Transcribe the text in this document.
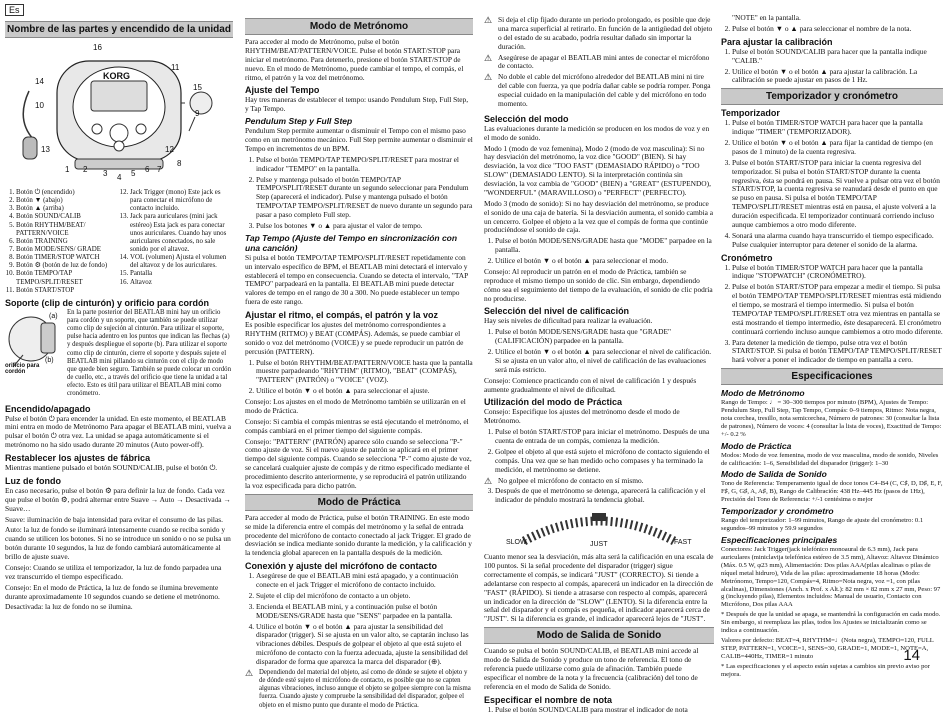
14
Es
Nombre de las partes y encendido de la unidad
KORG
16
11
14
15
10
9
13	12
1 2 3 4 5 6 7
8
1. Botón ⏻ (encendido)
2. Botón ▼ (abajo)
3. Botón ▲ (arriba)
4. Botón SOUND/CALIB
5. Botón RHYTHM/BEAT/ PATTERN/VOICE
6. Botón TRAINING
7. Botón MODE/SENS/ GRADE
8. Botón TIMER/STOP WATCH
9. Botón ⚙ (botón de luz de fondo)
10. Botón TEMPO/TAP TEMPO/SPLIT/RESET
11. Botón START/STOP
12. Jack Trigger (mono) Este jack es para conectar el micrófono de contacto incluido.
13. Jack para auriculares (mini jack estéreo) Esta jack es para conectar unos auriculares. Cuando hay unos auriculares conectados, no sale sonido por el altavoz.
14. VOL (volumen) Ajusta el volumen del altavoz y de los auriculares.
15. Pantalla
16. Altavoz
Soporte (clip de cinturón) y orificio para cordón
(a)
(b)
orificio para cordón

En la parte posterior del BEATLAB mini hay un orificio para cordón y un soporte, que también se puede utilizar como clip de sujeción al cinturón. Para utilizar el soporte, pulse hacia adentro en los puntos que indican las flechas (a) y después despliegue el soporte (b). Para utilizar el soporte como clip de cinturón, cierre el soporte y después sujete el BEATLAB mini pillando su cinturón con el clip de modo que quede bien seguro. También se puede colocar un cordón de cuello, etc., a través del orificio que tiene la unidad a tal efecto. Esto es útil para utilizar el BEATLAB mini como cronómetro.

Encendido/apagado

Pulse el botón ⏻ para encender la unidad. En este momento, el BEATLAB mini entra en modo de Metrónomo Para apagar el BEATLAB mini, vuelva a pulsar el botón ⏻ otra vez. La unidad se apaga automáticamente si el metrónomo no ha sido usado durante 20 minutos (Auto power-off).

Restablecer los ajustes de fábrica

Mientras mantiene pulsado el botón SOUND/CALIB, pulse el botón ⏻.

Luz de fondo

En caso necesario, pulse el botón ⚙ para definir la luz de fondo. Cada vez que pulse el botón ⚙, podrá alternar entre Suave → Auto → Desactivada → Suave…

Suave: iluminación de baja intensidad para evitar el consumo de las pilas.

Auto: la luz de fondo se iluminará intensamente cuando se reciba sonido y cuando se utilicen los botones. Si no se introduce un sonido o no se pulsa un botón durante 10 segundos, la luz de fondo cambiará automáticamente al brillo de ajuste suave.

Consejo: Cuando se utiliza el temporizador, la luz de fondo parpadea una vez transcurrido el tiempo especificado.

Consejo: En el modo de Práctica, la luz de fondo se ilumina brevemente durante aproximadamente 10 segundos cuando se detiene el metrónomo.

Desactivada: la luz de fondo no se ilumina.

Modo de Metrónomo

Para acceder al modo de Metrónomo, pulse el botón RHYTHM/BEAT/PATTERN/VOICE. Pulse el botón START/STOP para iniciar el metrónomo. Para detenerlo, presione el botón START/STOP de nuevo. En el modo de Metrónomo, puede cambiar el tempo, el compás, el ritmo, el patrón y la voz del metrónomo.

Ajuste del Tempo

Hay tres maneras de establecer el tempo: usando Pendulum Step, Full Step, y Tap Tempo.

Pendulum Step y Full Step

Pendulum Step permite aumentar o disminuir el Tempo con el mismo paso como en un metrónomo mecánico. Full Step permite aumentar o disminuir el Tempo en incrementos de un BPM.

1. Pulse el botón TEMPO/TAP TEMPO/SPLIT/RESET para mostrar el indicador "TEMPO" en la pantalla.
2. Pulse y mantenga pulsado el botón TEMPO/TAP TEMPO/SPLIT/RESET durante un segundo seleccionar para Pendulum Step (aparecerá el indicador). Pulse y mantenga pulsado el botón TEMPO/TAP TEMPO/SPLIT/RESET de nuevo durante un segundo para pasar a paso completo Full step.
3. Pulse los botones ▼ o ▲ para ajustar el valor de tempo.
Tap Tempo (Ajuste del Tempo en sincronización con una canción)

Si pulsa el botón TEMPO/TAP TEMPO/SPLIT/RESET repetidamente con un intervalo específico de BPM, el BEATLAB mini detectará el intervalo y establecerá el tempo en consecuencia. Cuando se detecta el intervalo, "TAP TEMPO" parpadeará en la pantalla. El BEATLAB mini puede detectar valores de tempo en el rango de 30 a 300. No puede establecer un tempo fuera de este rango.

Ajustar el ritmo, el compás, el patrón y la voz

Es posible especificar los ajustes del metrónomo correspondientes a RHYTHM (RITMO) y BEAT (COMPÁS). Además, se puede cambiar el sonido o voz del metrónomo (VOICE) y se puede reproducir un patrón de percusión (PATTERN).

1. Pulse el botón RHYTHM/BEAT/PATTERN/VOICE hasta que la pantalla muestre parpadeando "RHYTHM" (RITMO), "BEAT" (COMPÁS), "PATTERN" (PATRÓN) o "VOICE" (VOZ).
2. Utilice el botón ▼ o el botón ▲ para seleccionar el ajuste.

Consejo: Los ajustes en el modo de Metrónomo también se utilizarán en el modo de Práctica.

Consejo: Si cambia el compás mientras se está ejecutando el metrónomo, el compás cambiará en el primer tiempo del siguiente compás.

Consejo: "PATTERN" (PATRÓN) aparece sólo cuando se selecciona "P-" como ajuste de voz. Si el nuevo ajuste de patrón se aplicará en el primer tiempo del siguiente compás. Cuando se selecciona "P-" como ajuste de voz, se cancelará cualquier ajuste de compás y de ritmo especificado mediante el procedimiento descrito anteriormente, y se reproducirá el patrón utilizando la voz especificada para dicho patrón.

Modo de Práctica

Para acceder al modo de Práctica, pulse el botón TRAINING. En este modo se mide la diferencia entre el compás del metrónomo y la señal de entrada procedente del micrófono de contacto conectado al jack Trigger. El grado de desviación se indica mediante sonido durante la medición, y la calificación y la tendencia global aparecen en la pantalla después de la medición.

Conexión y ajuste del micrófono de contacto
1. Asegúrese de que el BEATLAB mini está apagado, y a continuación conecte en el jack Trigger el micrófono de contacto incluido.
2. Sujete el clip del micrófono de contacto a un objeto.
3. Encienda el BEATLAB mini, y a continuación pulse el botón MODE/SENS/GRADE hasta que "SENS" parpadee en la pantalla.
4. Utilice el botón ▼ o el botón ▲ para ajustar la sensibilidad del disparador (trigger). Si se ajusta en un valor alto, se captarán incluso las vibraciones débiles. Después de golpear el objeto al que está sujeto el micrófono de contacto con la fuerza adecuada, ajuste la sensibilidad del disparador de forma que aparezca la marca del disparador (⊕).
⚠ Dependiendo del material del objeto, así como de dónde se sujete el objeto y de dónde esté sujeto el micrófono de contacto, es posible que no se capten algunas vibraciones, incluso aunque el objeto se golpee siempre con la misma fuerza. Cuando ajuste y compruebe la sensibilidad del disparador, golpee el objeto en el mismo punto que durante el modo de Práctica.

⚠ Si deja el clip fijado durante un periodo prolongado, es posible que deje una marca superficial al retirarlo. En función de la antigüedad del objeto o del estado de su acabado, podría resultar dañado sin importar la duración.

⚠ Asegúrese de apagar el BEATLAB mini antes de conectar el micrófono de contacto.

⚠ No doble el cable del micrófono alrededor del BEATLAB mini ni tire del cable con fuerza, ya que podría dañar cable se podría romper. Ponga especial cuidado en la manipulación del cable y del micrófono en todo momento.

Selección del modo

Las evaluaciones durante la medición se producen en los modos de voz y en el modo de sonido.

Modo 1 (modo de voz femenina), Modo 2 (modo de voz masculina): Si no hay desviación del metrónomo, la voz dice "GOOD" (BIEN). Si hay desviación, la voz dice "TOO FAST" (DEMASIADO RÁPIDO) o "TOO SLOW" (DEMASIADO LENTO). Si la interpretación continúa sin desviación, la voz cambia de "GOOD" (BIEN) a "GREAT" (ESTUPENDO), "WONDERFUL" (MARAVILLOSO) o "PERFECT" (PERFECTO).

Modo 3 (modo de sonido): Si no hay desviación del metrónomo, se produce el sonido de una caja de batería. Si la desviación aumenta, el sonido cambia a un cencerro. Golpee el objeto a la vez que el compás de forma que continúe produciéndose el sonido de caja.

1. Pulse el botón MODE/SENS/GRADE hasta que "MODE" parpadee en la pantalla.
2. Utilice el botón ▼ o el botón ▲ para seleccionar el modo.

Consejo: Al reproducir un patrón en el modo de Práctica, también se reproduce el mismo tiempo un sonido de clic. Sin embargo, dependiendo cómo sea el seguimiento del tiempo de la evaluación, el sonido de clic podría no producirse.

Selección del nivel de calificación

Hay seis niveles de dificultad para realizar la evaluación.

1. Pulse el botón MODE/SENS/GRADE hasta que "GRADE" (CALIFICACIÓN) parpadee en la pantalla.
2. Utilice el botón ▼ o el botón ▲ para seleccionar el nivel de calificación. Si se ajusta en un valor alto, el nivel de calificación de las evaluaciones será más estricto.

Consejo: Comience practicando con el nivel de calificación 1 y después aumente gradualmente el nivel de dificultad.

Utilización del modo de Práctica

Consejo: Especifique los ajustes del metrónomo desde el modo de Metrónomo.

1. Pulse el botón START/STOP para iniciar el metrónomo. Después de una cuenta de entrada de un compás, comienza la medición.
2. Golpee el objeto al que está sujeto el micrófono de contacto siguiendo el compás. Una vez que se han medido ocho compases y ha terminado la medición, el metrónomo se detiene.
⚠ No golpee el micrófono de contacto en sí mismo.

3. Después de que el metrónomo se detenga, aparecerá la calificación y el indicador de péndulo mostrará la tendencia global.
SLOW	JUST	FAST

Cuanto menor sea la desviación, más alta será la calificación en una escala de 100 puntos. Si la señal procedente del disparador (trigger) sigue correctamente el compás, se indicará "JUST" (CORRECTO). Si tiende a adelantarse con respecto al compás, aparecerá un indicador en la dirección de "FAST" (RÁPIDO). Si tiende a atrasarse con respecto al compás, aparecerá un indicador en la dirección de "SLOW" (LENTO). Si la diferencia entre la señal del disparador y el compás es pequeña, el indicador aparecerá cerca de "JUST". Si la diferencia es grande, el indicador aparecerá lejos de "JUST".

Modo de Salida de Sonido

Cuando se pulsa el botón SOUND/CALIB, el BEATLAB mini accede al modo de Salida de Sonido y produce un tono de referencia. El tono de referencia puede utilizarse como guía de afinación. También puede especificar el nombre de la nota y la frecuencia (calibración) del tono de referencia en el modo de Salida de Sonido.

Especificar el nombre de nota
1. Pulse el botón SOUND/CALIB para mostrar el indicador de nota

"NOTE" en la pantalla.

2. Pulse el botón ▼ o ▲ para seleccionar el nombre de la nota.
Para ajustar la calibración
1. Pulse el botón SOUND/CALIB para hacer que la pantalla indique "CALIB."
2. Utilice el botón ▼ o el botón ▲ para ajustar la calibración. La calibración se puede ajustar en pasos de 1 Hz.
Temporizador y cronómetro
Temporizador
1. Pulse el botón TIMER/STOP WATCH para hacer que la pantalla indique "TIMER" (TEMPORIZADOR).
2. Utilice el botón ▼ o el botón ▲ para fijar la cantidad de tiempo (en pasos de 1 minuto) de la cuenta regresiva.
3. Pulse el botón START/STOP para iniciar la cuenta regresiva del temporizador. Si pulsa el botón START/STOP durante la cuenta regresiva, ésta se pondrá en pausa. Si vuelve a pulsar otra vez el botón START/STOP, la cuenta regresiva se reanudará desde el punto en que se puso en pausa. Si pulsa el botón TEMPO/TAP TEMPO/SPLIT/RESET mientras está en pausa, el ajuste volverá a la duración especificada. El temporizador continuará corriendo incluso aunque cambiemos a otro modo diferente.
4. Sonará una alarma cuando haya transcurrido el tiempo especificado. Pulse cualquier interruptor para detener el sonido de la alarma.
Cronómetro
1. Pulse el botón TIMER/STOP WATCH para hacer que la pantalla indique "STOPWATCH" (CRONÓMETRO).
2. Pulse el botón START/STOP para empezar a medir el tiempo. Si pulsa el botón TEMPO/TAP TEMPO/SPLIT/RESET mientras está midiendo el tiempo, se mostrará el tiempo intermedio. Si pulsa el botón TEMPO/TAP TEMPO/SPLIT/RESET otra vez mientras en pantalla se está mostrando el tiempo intermedio, éste desaparecerá. El cronómetro continuará corriendo incluso aunque cambiemos a otro modo diferente.
3. Para detener la medición de tiempo, pulse otra vez el botón START/STOP. Si pulsa el botón TEMPO/TAP TEMPO/SPLIT/RESET hará volver a poner el indicador de tiempo en pantalla a cero.
Especificaciones
Modo de Metrónomo

Rango de Tempo: ♩ = 30–300 tiempos por minuto (BPM), Ajustes de Tempo: Pendulum Step, Full Step, Tap Tempo, Compás: 0–9 tiempos, Ritmo: Nota negra, nota corchea, tresillo, nota semicorchea, Número de patrones: 30 (consultar la lista de patrones), Número de voces: 4 (consultar la lista de voces), Exactitud de Tempo: +/- 0.2 %

Modo de Práctica

Modos: Modo de voz femenina, modo de voz masculina, modo de sonido, Niveles de calificación: 1–6, Sensibilidad del disparador (trigger): 1–30

Modo de Salida de Sonido

Tono de Referencia: Temperamento igual de doce tonos C4–B4 (C, C♯, D, D♯, E, F, F♯, G, G♯, A, A♯, B), Rango de Calibración: 438 Hz–445 Hz (pasos de 1Hz), Precisión del Tono de Referencia: +/-1 centésima o mejor

Temporizador y cronómetro

Rango del temporizador: 1–99 minutos, Rango de ajuste del cronómetro: 0.1 segundos–99 minutos y 59.9 segundos

Especificaciones principales

Conectores: Jack Trigger(jack telefónico monoaural de 6.3 mm), Jack para auriculares (miniclavija telefónica estéreo de 3.5 mm), Altavoz: Altavoz Dinámico (Máx. 0.5 W, φ23 mm), Alimentación: Dos pilas AAA(pilas alcalinas o pilas de níquel metal hidruro), Vida de las pilas: aproximadamente 18 horas (Modo: Metrónomo, Tempo=120, Compás=4, Ritmo=Nota negra, voz =1, con pilas alcalinas), Dimensiones (Anch. x Prof. x Alt.): 82 mm × 82 mm x 27 mm, Peso: 97 g (incluyendo pilas), Elementos incluidos: Manual de usuario, Contacto con Micrófono, Dos pilas AAA

* Después de que la unidad se apaga, se mantendrá la configuración en cada modo. Sin embargo, si reemplaza las pilas, todos los Ajustes se inicializarán como se indica a continuación.

Valores por defecto: BEAT=4, RHYTHM=♩(Nota negra), TEMPO=120, FULL STEP, PATTERN=1, VOICE=1, SENS=30, GRADE=1, MODE=1, NOTE=A, CALIB=440Hz, TIMER=1 minuto

* Las especificaciones y el aspecto están sujetas a cambios sin previo aviso por mejora.
